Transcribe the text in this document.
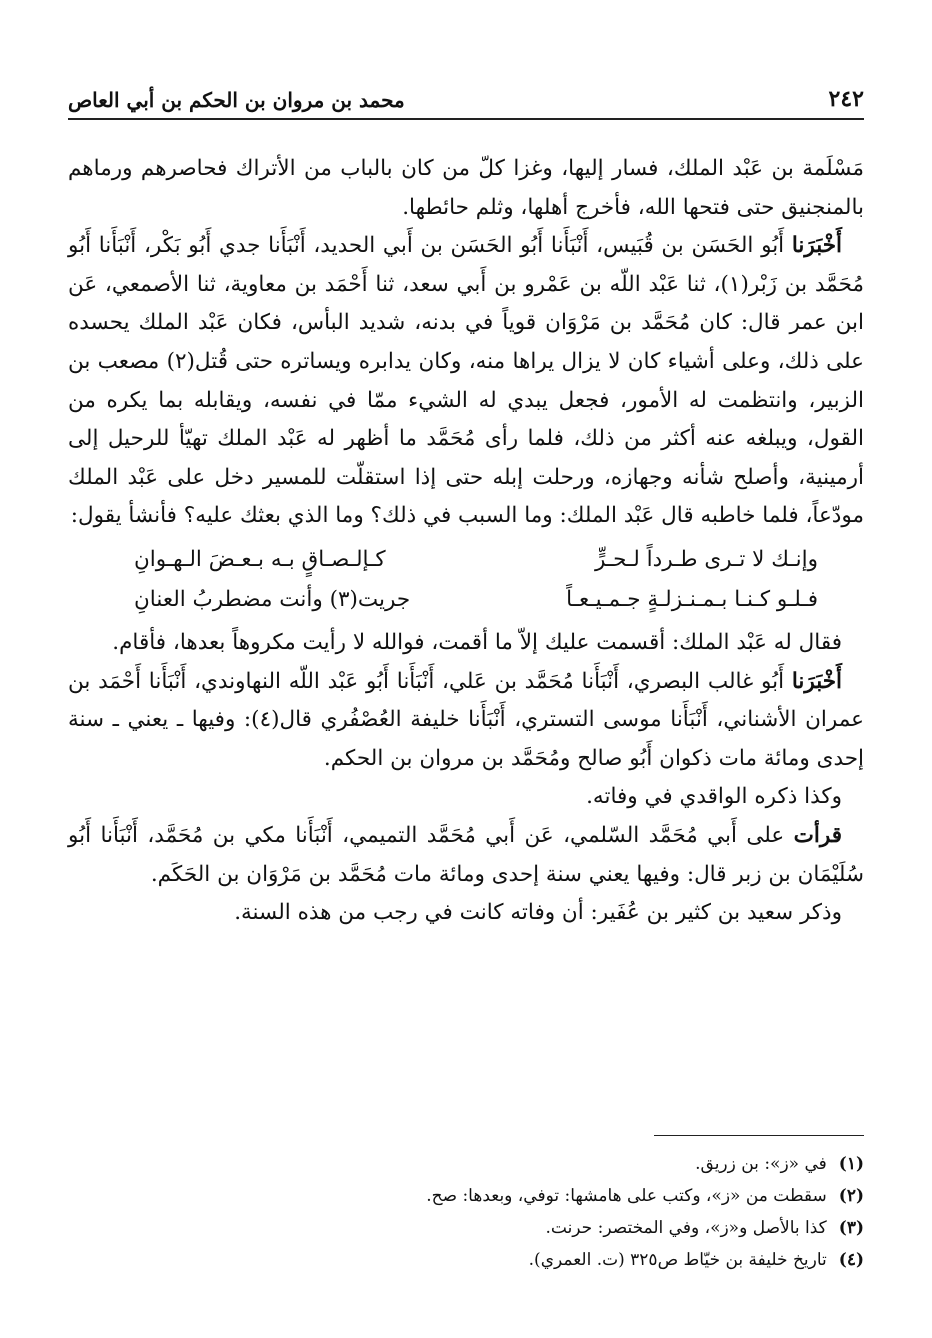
٢٤٢
محمد بن مروان بن الحكم بن أبي العاص

مَسْلَمة بن عَبْد الملك، فسار إليها، وغزا كلّ من كان بالباب من الأتراك فحاصرهم ورماهم بالمنجنيق حتى فتحها الله، فأخرج أهلها، وثلم حائطها.

أَخْبَرَنا أَبُو الحَسَن بن قُبَيس، أَنْبَأَنا أَبُو الحَسَن بن أَبي الحديد، أَنْبَأَنا جدي أَبُو بَكْر، أَنْبَأَنا أَبُو مُحَمَّد بن زَبْر(١)، ثنا عَبْد اللّه بن عَمْرو بن أَبي سعد، ثنا أَحْمَد بن معاوية، ثنا الأصمعي، عَن ابن عمر قال: كان مُحَمَّد بن مَرْوَان قوياً في بدنه، شديد البأس، فكان عَبْد الملك يحسده على ذلك، وعلى أشياء كان لا يزال يراها منه، وكان يدابره ويساتره حتى قُتل(٢) مصعب بن الزبير، وانتظمت له الأمور، فجعل يبدي له الشيء ممّا في نفسه، ويقابله بما يكره من القول، ويبلغه عنه أكثر من ذلك، فلما رأى مُحَمَّد ما أظهر له عَبْد الملك تهيّأ للرحيل إلى أرمينية، وأصلح شأنه وجهازه، ورحلت إبله حتى إذا استقلّت للمسير دخل على عَبْد الملك مودّعاً، فلما خاطبه قال عَبْد الملك: وما السبب في ذلك؟ وما الذي بعثك عليه؟ فأنشأ يقول:

وإنـك لا تـرى طـرداً لـحـرٍّ
كـإلـصـاقٍ بـه بـعـضَ الـهـوانِ
فـلـو كـنـا بـمـنـزلـةٍ جـمـيـعـاً
جريت(٣) وأنت مضطربُ العنانِ

فقال له عَبْد الملك: أقسمت عليك إلاّ ما أقمت، فوالله لا رأيت مكروهاً بعدها، فأقام.

أَخْبَرَنا أَبُو غالب البصري، أَنْبَأَنا مُحَمَّد بن عَلي، أَنْبَأَنا أَبُو عَبْد اللّه النهاوندي، أَنْبَأَنا أَحْمَد بن عمران الأشناني، أَنْبَأَنا موسى التستري، أَنْبَأَنا خليفة العُصْفُري قال(٤): وفيها ـ يعني ـ سنة إحدى ومائة مات ذكوان أَبُو صالح ومُحَمَّد بن مروان بن الحكم.

وكذا ذكره الواقدي في وفاته.

قرأت على أَبي مُحَمَّد السّلمي، عَن أَبي مُحَمَّد التميمي، أَنْبَأَنا مكي بن مُحَمَّد، أَنْبَأَنا أَبُو سُلَيْمَان بن زبر قال: وفيها يعني سنة إحدى ومائة مات مُحَمَّد بن مَرْوَان بن الحَكَم.

وذكر سعيد بن كثير بن عُفَير: أن وفاته كانت في رجب من هذه السنة.

(١)
في «ز»: بن زريق.
(٢)
سقطت من «ز»، وكتب على هامشها: توفي، وبعدها: صح.
(٣)
كذا بالأصل و«ز»، وفي المختصر: حرنت.
(٤)
تاريخ خليفة بن خيّاط ص٣٢٥ (ت. العمري).
